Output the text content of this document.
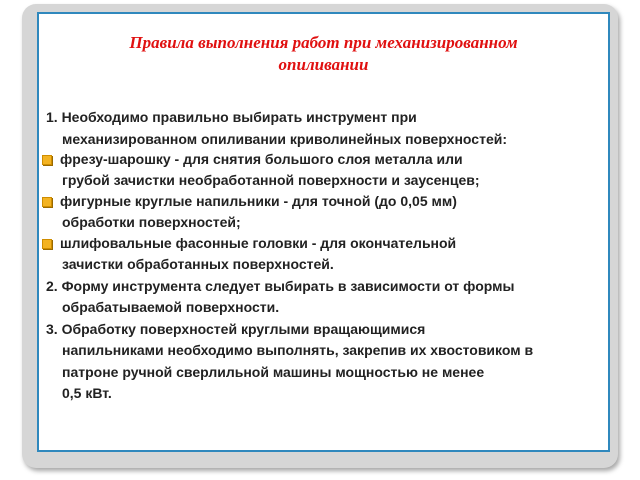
Правила выполнения работ при механизированном
опиливании

1. Необходимо правильно выбирать инструмент при

механизированном опиливании криволинейных поверхностей:

фрезу-шарошку - для снятия большого слоя металла или

грубой зачистки необработанной поверхности и заусенцев;

фигурные круглые напильники - для точной (до 0,05 мм)

обработки поверхностей;

шлифовальные фасонные головки - для окончательной

зачистки обработанных поверхностей.

2. Форму инструмента следует выбирать в зависимости от формы

обрабатываемой поверхности.

3. Обработку поверхностей круглыми вращающимися

напильниками необходимо выполнять, закрепив их хвостовиком в

патроне ручной сверлильной машины мощностью не менее

0,5 кВт.
